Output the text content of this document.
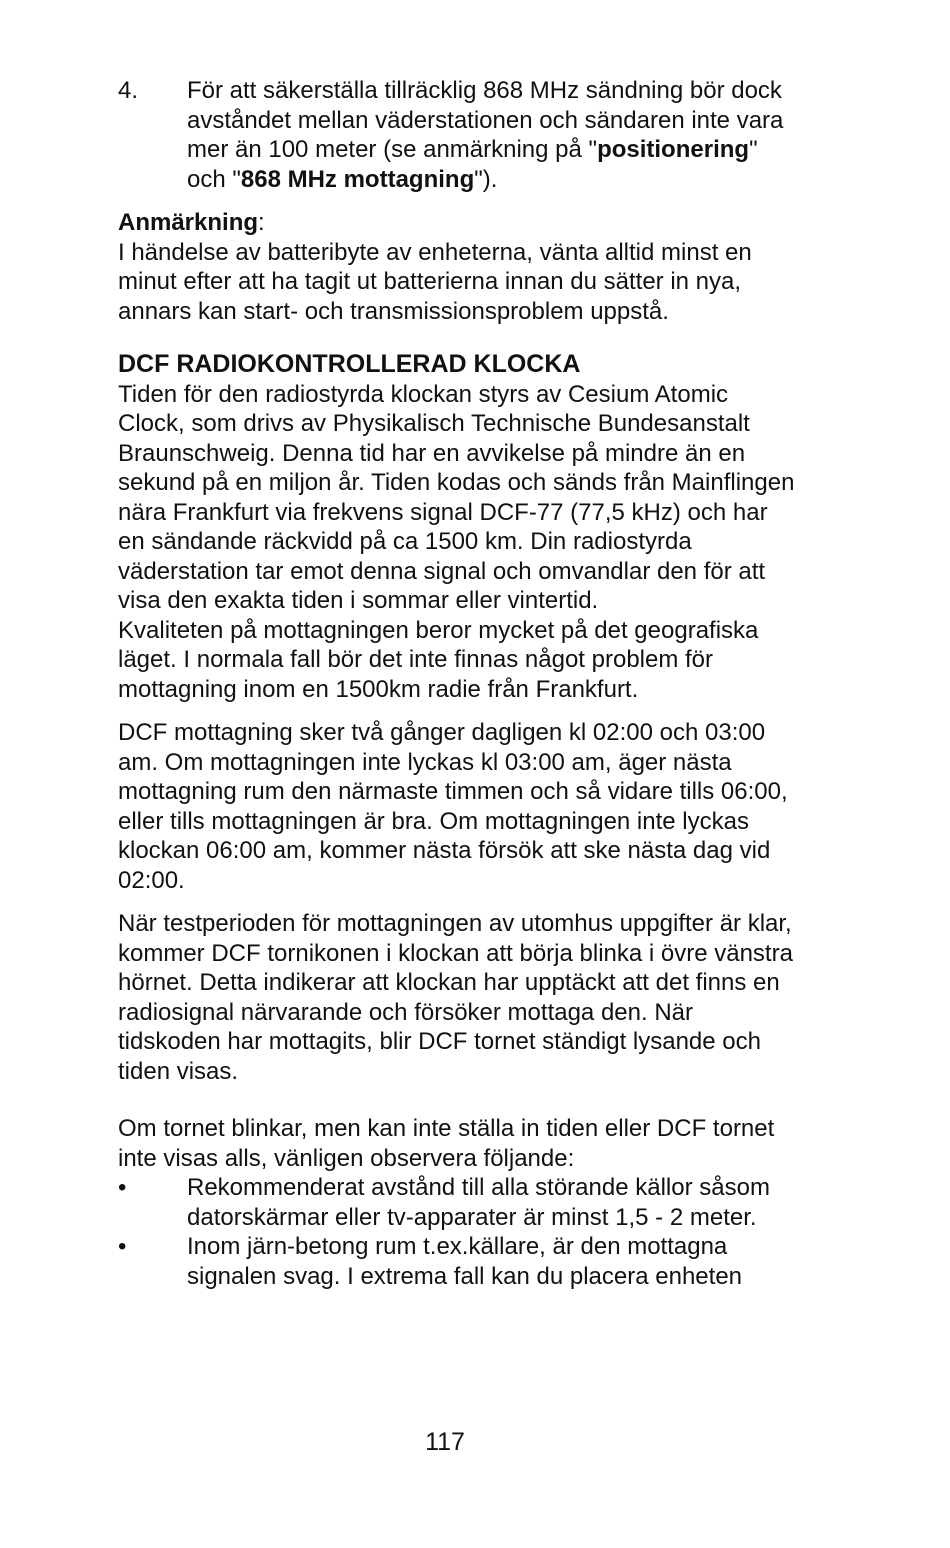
4. För att säkerställa tillräcklig 868 MHz sändning bör dock avståndet mellan väderstationen och sändaren inte vara mer än 100 meter (se anmärkning på "positionering" och "868 MHz mottagning").

Anmärkning:

I händelse av batteribyte av enheterna, vänta alltid minst en minut efter att ha tagit ut batterierna innan du sätter in nya, annars kan start- och transmissionsproblem uppstå.

DCF RADIOKONTROLLERAD KLOCKA

Tiden för den radiostyrda klockan styrs av Cesium Atomic Clock, som drivs av Physikalisch Technische Bundesanstalt Braunschweig. Denna tid har en avvikelse på mindre än en sekund på en miljon år. Tiden kodas och sänds från Mainflingen nära Frankfurt via frekvens signal DCF-77 (77,5 kHz) och har en sändande räckvidd på ca 1500 km. Din radiostyrda väderstation tar emot denna signal och omvandlar den för att visa den exakta tiden i sommar eller vintertid.

Kvaliteten på mottagningen beror mycket på det geografiska läget. I normala fall bör det inte finnas något problem för mottagning inom en 1500km radie från Frankfurt.

DCF mottagning sker två gånger dagligen kl 02:00 och 03:00 am. Om mottagningen inte lyckas kl 03:00 am, äger nästa mottagning rum den närmaste timmen och så vidare tills 06:00, eller tills mottagningen är bra. Om mottagningen inte lyckas klockan 06:00 am, kommer nästa försök att ske nästa dag vid 02:00.

När testperioden för mottagningen av utomhus uppgifter är klar, kommer DCF tornikonen i klockan att börja blinka i övre vänstra hörnet. Detta indikerar att klockan har upptäckt att det finns en radiosignal närvarande och försöker mottaga den. När tidskoden har mottagits, blir DCF tornet ständigt lysande och tiden visas.

Om tornet blinkar, men kan inte ställa in tiden eller DCF tornet inte visas alls, vänligen observera följande:

•	Rekommenderat avstånd till alla störande källor såsom datorskärmar eller tv-apparater är minst 1,5 - 2 meter.
•	Inom järn-betong rum t.ex.källare, är den mottagna signalen svag. I extrema fall kan du placera enheten
117
